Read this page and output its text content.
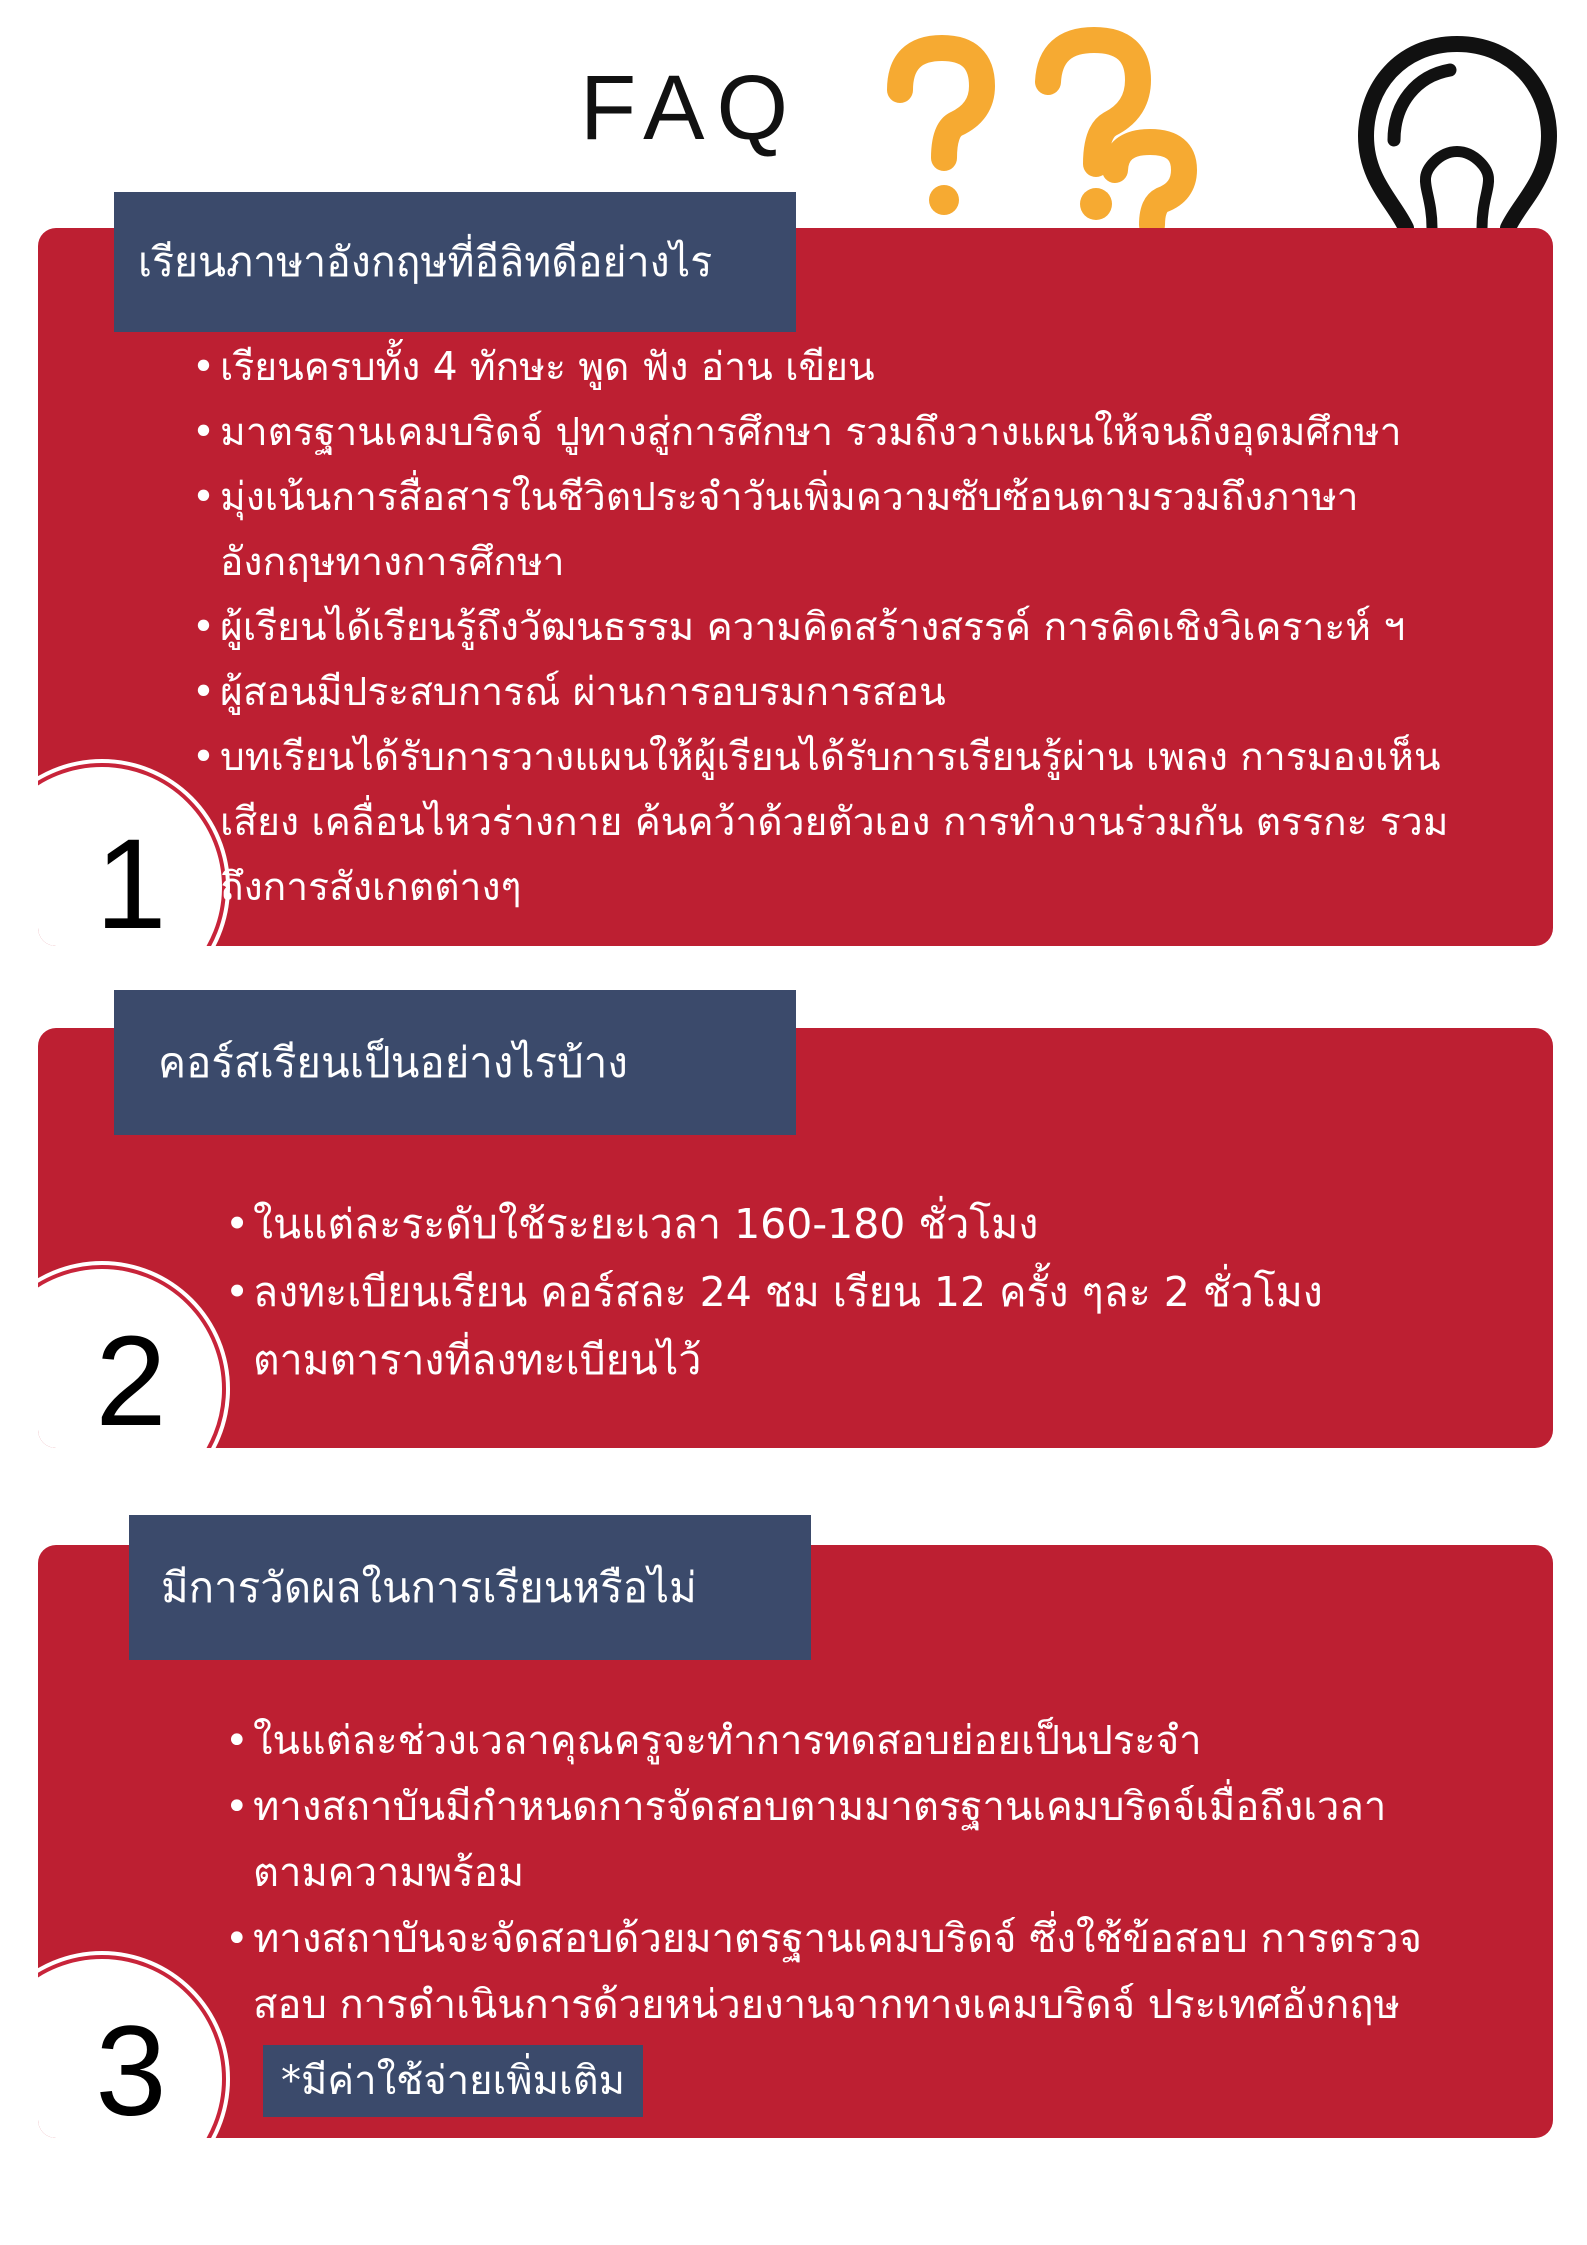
FAQ
1
เรียนภาษาอังกฤษที่อีลิทดีอย่างไร
• เรียนครบทั้ง 4 ทักษะ พูด ฟัง อ่าน เขียน
• มาตรฐานเคมบริดจ์ ปูทางสู่การศึกษา รวมถึงวางแผนให้จนถึงอุดมศึกษา
• มุ่งเน้นการสื่อสารในชีวิตประจำวันเพิ่มความซับซ้อนตามรวมถึงภาษา
อังกฤษทางการศึกษา
• ผู้เรียนได้เรียนรู้ถึงวัฒนธรรม ความคิดสร้างสรรค์ การคิดเชิงวิเคราะห์ ฯ
• ผู้สอนมีประสบการณ์ ผ่านการอบรมการสอน
• บทเรียนได้รับการวางแผนให้ผู้เรียนได้รับการเรียนรู้ผ่าน เพลง การมองเห็น
เสียง เคลื่อนไหวร่างกาย ค้นคว้าด้วยตัวเอง การทำงานร่วมกัน ตรรกะ รวม
ถึงการสังเกตต่างๆ
2
คอร์สเรียนเป็นอย่างไรบ้าง
• ในแต่ละระดับใช้ระยะเวลา 160-180 ชั่วโมง
• ลงทะเบียนเรียน คอร์สละ 24 ชม เรียน 12 ครั้ง ๆละ 2 ชั่วโมง
ตามตารางที่ลงทะเบียนไว้
3
มีการวัดผลในการเรียนหรือไม่
• ในแต่ละช่วงเวลาคุณครูจะทำการทดสอบย่อยเป็นประจำ
• ทางสถาบันมีกำหนดการจัดสอบตามมาตรฐานเคมบริดจ์เมื่อถึงเวลา
ตามความพร้อม
• ทางสถาบันจะจัดสอบด้วยมาตรฐานเคมบริดจ์ ซึ่งใช้ข้อสอบ การตรวจ
สอบ การดำเนินการด้วยหน่วยงานจากทางเคมบริดจ์ ประเทศอังกฤษ
*มีค่าใช้จ่ายเพิ่มเติม
